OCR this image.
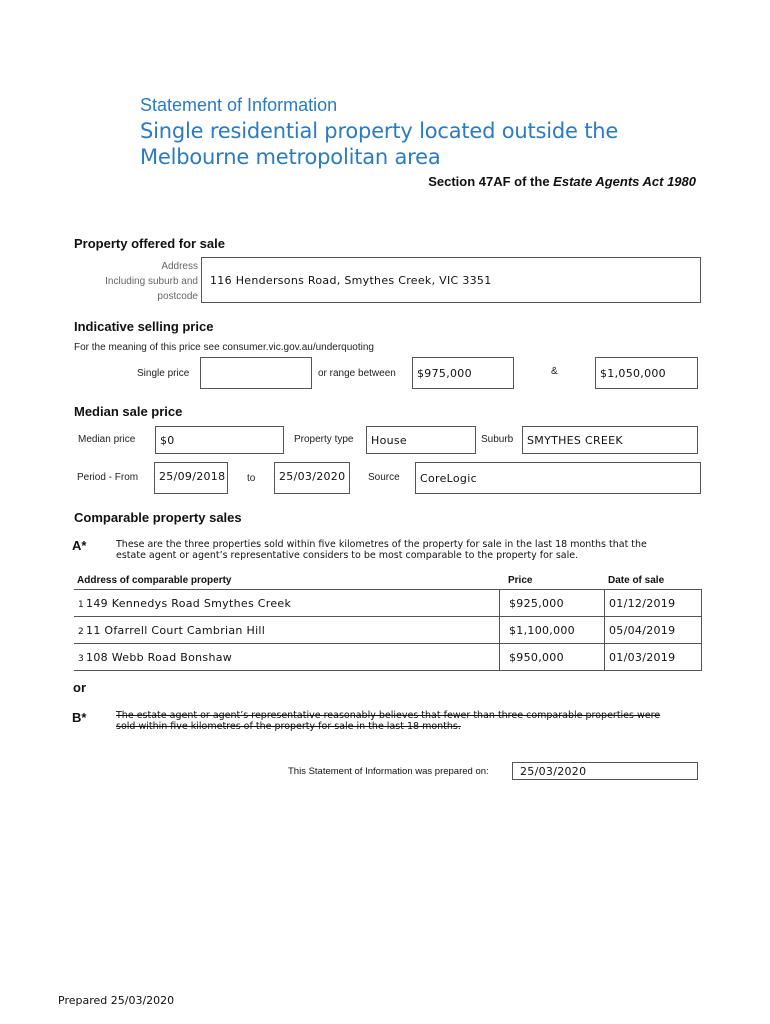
Statement of Information
Single residential property located outside the
Melbourne metropolitan area
Section 47AF of the Estate Agents Act 1980
Property offered for sale
Address
Including suburb and
postcode
116 Hendersons Road, Smythes Creek, VIC 3351
Indicative selling price
For the meaning of this price see consumer.vic.gov.au/underquoting
Single price	or range between	$975,000	&	$1,050,000
Median sale price
Median price	$0	Property type	House	Suburb	SMYTHES CREEK
Period - From	25/09/2018 to	25/03/2020	Source	CoreLogic
Comparable property sales
A*	These are the three properties sold within five kilometres of the property for sale in the last 18 months that the
estate agent or agent’s representative considers to be most comparable to the property for sale.
Address of comparable property	Price	Date of sale
1 149 Kennedys Road Smythes Creek	$925,000	01/12/2019
2 11 Ofarrell Court Cambrian Hill	$1,100,000	05/04/2019
3 108 Webb Road Bonshaw	$950,000	01/03/2019
or
B*	The estate agent or agent’s representative reasonably believes that fewer than three comparable properties were
sold within five kilometres of the property for sale in the last 18 months.
This Statement of Information was prepared on:	25/03/2020
Prepared 25/03/2020
